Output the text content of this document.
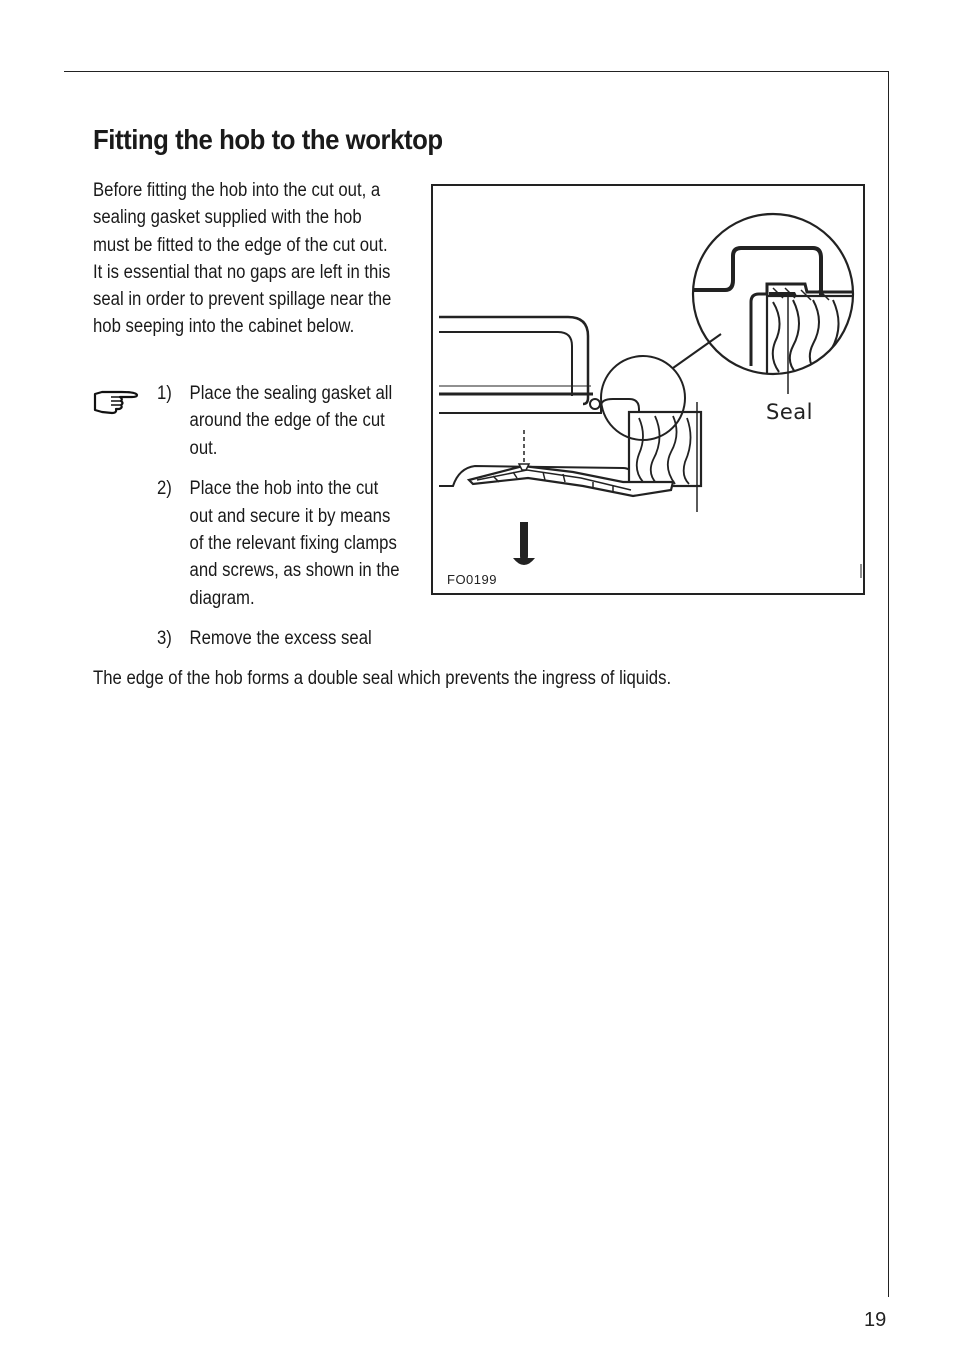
Fitting the hob to the worktop

Before fitting the hob into the cut out, a sealing gasket supplied with the hob must be fitted to the edge of the cut out. It is essential that no gaps are left in this seal in order to prevent spillage near the hob seeping into the cabinet below.

1) Place the sealing gasket all around the edge of the cut out.
2) Place the hob into the cut out and secure it by means of the relevant fixing clamps and screws, as shown in the diagram.
3) Remove the excess seal

The edge of the hob forms a double seal which prevents the ingress of liquids.

FO0199
Seal
19
